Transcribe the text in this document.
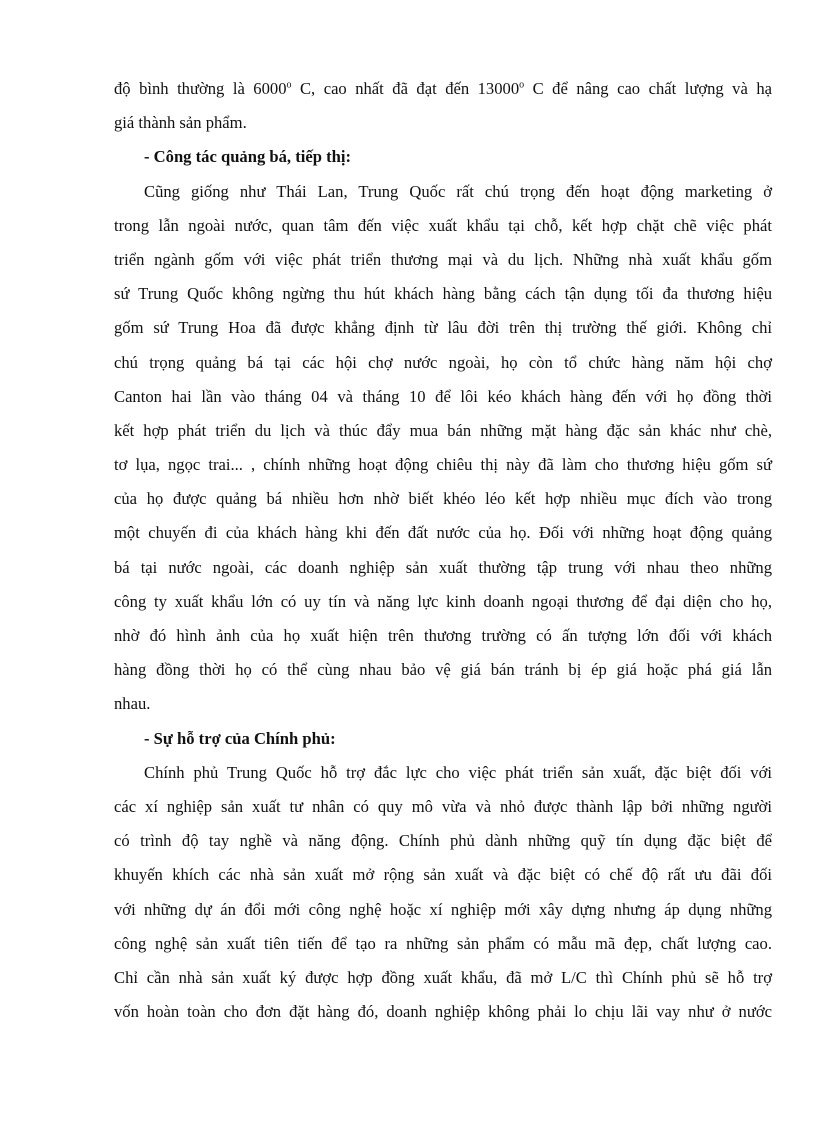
độ bình thường là 6000$^o$ C, cao nhất đã đạt đến 13000$^o$ C để nâng cao chất lượng và hạ
giá thành sản phẩm.
- Công tác quảng bá, tiếp thị:
Cũng giống như Thái Lan, Trung Quốc rất chú trọng đến hoạt động marketing ở
trong lẫn ngoài nước, quan tâm đến việc xuất khẩu tại chỗ, kết hợp chặt chẽ việc phát
triển ngành gốm với việc phát triển thương mại và du lịch. Những nhà xuất khẩu gốm
sứ Trung Quốc không ngừng thu hút khách hàng bằng cách tận dụng tối đa thương hiệu
gốm sứ Trung Hoa đã được khẳng định từ lâu đời trên thị trường thế giới. Không chỉ
chú trọng quảng bá tại các hội chợ nước ngoài, họ còn tổ chức hàng năm hội chợ
Canton hai lần vào tháng 04 và tháng 10 để lôi kéo khách hàng đến với họ đồng thời
kết hợp phát triển du lịch và thúc đẩy mua bán những mặt hàng đặc sản khác như chè,
tơ lụa, ngọc trai... , chính những hoạt động chiêu thị này đã làm cho thương hiệu gốm sứ
của họ được quảng bá nhiều hơn nhờ biết khéo léo kết hợp nhiều mục đích vào trong
một chuyến đi của khách hàng khi đến đất nước của họ. Đối với những hoạt động quảng
bá tại nước ngoài, các doanh nghiệp sản xuất thường tập trung với nhau theo những
công ty xuất khẩu lớn có uy tín và năng lực kinh doanh ngoại thương để đại diện cho họ,
nhờ đó hình ảnh của họ xuất hiện trên thương trường có ấn tượng lớn đối với khách
hàng đồng thời họ có thể cùng nhau bảo vệ giá bán tránh bị ép giá hoặc phá giá lẫn
nhau.
- Sự hỗ trợ của Chính phủ:
Chính phủ Trung Quốc hỗ trợ đắc lực cho việc phát triển sản xuất, đặc biệt đối với
các xí nghiệp sản xuất tư nhân có quy mô vừa và nhỏ được thành lập bởi những người
có trình độ tay nghề và năng động. Chính phủ dành những quỹ tín dụng đặc biệt để
khuyến khích các nhà sản xuất mở rộng sản xuất và đặc biệt có chế độ rất ưu đãi đối
với những dự án đổi mới công nghệ hoặc xí nghiệp mới xây dựng nhưng áp dụng những
công nghệ sản xuất tiên tiến để tạo ra những sản phẩm có mẫu mã đẹp, chất lượng cao.
Chỉ cần nhà sản xuất ký được hợp đồng xuất khẩu, đã mở L/C thì Chính phủ sẽ hỗ trợ
vốn hoàn toàn cho đơn đặt hàng đó, doanh nghiệp không phải lo chịu lãi vay như ở nước
